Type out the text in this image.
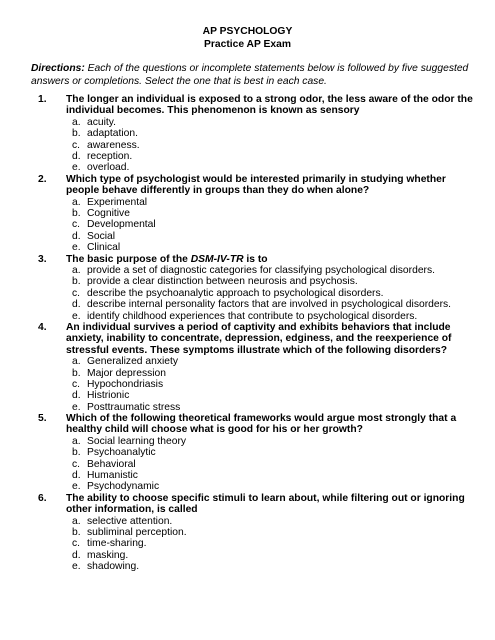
AP PSYCHOLOGY
Practice AP Exam
Directions: Each of the questions or incomplete statements below is followed by five suggested answers or completions. Select the one that is best in each case.
1. The longer an individual is exposed to a strong odor, the less aware of the odor the individual becomes. This phenomenon is known as sensory
a. acuity.
b. adaptation.
c. awareness.
d. reception.
e. overload.
2. Which type of psychologist would be interested primarily in studying whether people behave differently in groups than they do when alone?
a. Experimental
b. Cognitive
c. Developmental
d. Social
e. Clinical
3. The basic purpose of the DSM-IV-TR is to
a. provide a set of diagnostic categories for classifying psychological disorders.
b. provide a clear distinction between neurosis and psychosis.
c. describe the psychoanalytic approach to psychological disorders.
d. describe internal personality factors that are involved in psychological disorders.
e. identify childhood experiences that contribute to psychological disorders.
4. An individual survives a period of captivity and exhibits behaviors that include anxiety, inability to concentrate, depression, edginess, and the reexperience of stressful events. These symptoms illustrate which of the following disorders?
a. Generalized anxiety
b. Major depression
c. Hypochondriasis
d. Histrionic
e. Posttraumatic stress
5. Which of the following theoretical frameworks would argue most strongly that a healthy child will choose what is good for his or her growth?
a. Social learning theory
b. Psychoanalytic
c. Behavioral
d. Humanistic
e. Psychodynamic
6. The ability to choose specific stimuli to learn about, while filtering out or ignoring other information, is called
a. selective attention.
b. subliminal perception.
c. time-sharing.
d. masking.
e. shadowing.
